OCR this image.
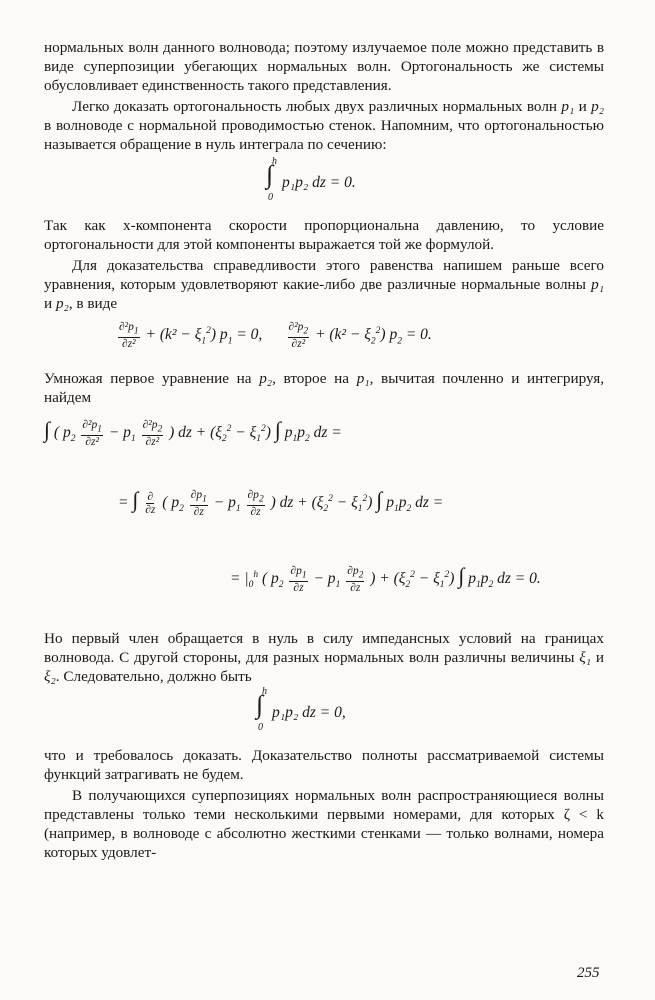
нормальных волн данного волновода; поэтому излучаемое поле можно представить в виде суперпозиции убегающих нормальных волн. Ортогональность же системы обусловливает единственность такого представления.

Легко доказать ортогональность любых двух различных нормальных волн p₁ и p₂ в волноводе с нормальной проводимостью стенок. Напомним, что ортогональностью называется обращение в нуль интеграла по сечению:

h
∫
0
p₁p₂ dz = 0.

Так как x-компонента скорости пропорциональна давлению, то условие ортогональности для этой компоненты выражается той же формулой.

Для доказательства справедливости этого равенства напишем раньше всего уравнения, которым удовлетворяют какие-либо две различные нормальные волны p₁ и p₂, в виде

$\frac{\partial^2p_1}{\text{∂z²}} + (k^2 - \xi_1^2) p_1 = 0$, $\frac{\partial^2p_2}{\text{∂z²}} + (k^2 - \xi_2^2) p_2 = 0$.

Умножая первое уравнение на p₂, второе на p₁, вычитая почленно и интегрируя, найдем

∫ ( $p_2 \frac{\partial^2p_1}{\text{∂z²}} - p_1 \frac{\partial^2p_2}{\text{∂z²}}$ ) dz + $(\xi_2^2 - \xi_1^2)$ ∫ $p_1p_2$ dz =
= ∫ $\frac{\partial}{\partial z}$ ( $p_2 \frac{\partial p_1}{\partial z} - p_1 \frac{\partial p_2}{\partial z}$ ) dz + $(\xi_2^2 - \xi_1^2)$ ∫ $p_1p_2$ dz =
= $|_0^h$ ( $p_2 \frac{\partial p_1}{\partial z} - p_1 \frac{\partial p_2}{\partial z}$ ) + $(\xi_2^2 - \xi_1^2)$ ∫ $p_1p_2$ dz = 0.

Но первый член обращается в нуль в силу импедансных условий на границах волновода. С другой стороны, для разных нормальных волн различны величины ξ₁ и ξ₂. Следовательно, должно быть

h
∫
0
p₁p₂ dz = 0,

что и требовалось доказать. Доказательство полноты рассматриваемой системы функций затрагивать не будем.

В получающихся суперпозициях нормальных волн распространяющиеся волны представлены только теми несколькими первыми номерами, для которых ζ < k (например, в волноводе с абсолютно жесткими стенками — только волнами, номера которых удовлет-

255
